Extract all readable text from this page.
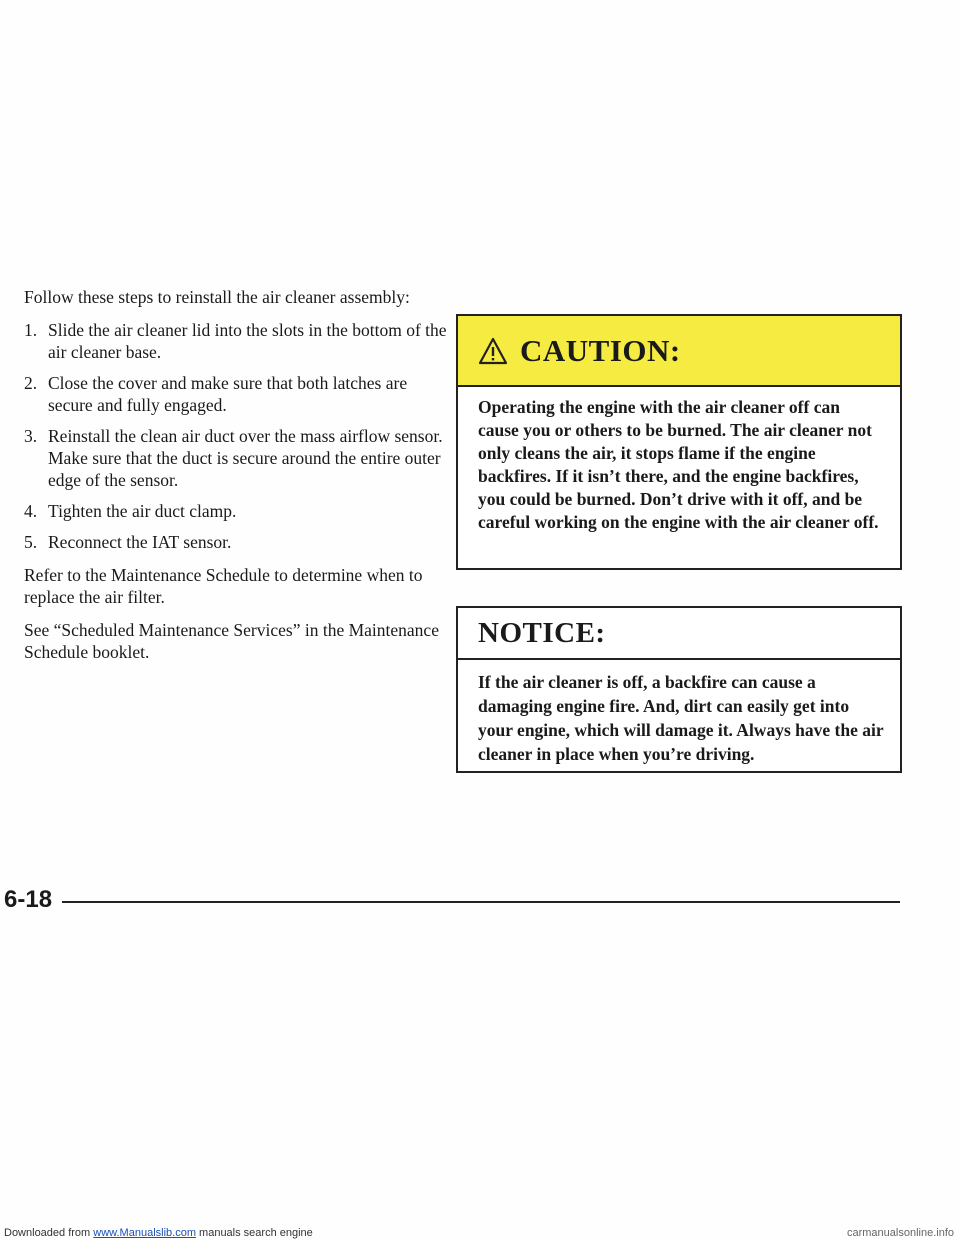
Follow these steps to reinstall the air cleaner assembly:

1. Slide the air cleaner lid into the slots in the bottom of the air cleaner base.
2. Close the cover and make sure that both latches are secure and fully engaged.
3. Reinstall the clean air duct over the mass airflow sensor. Make sure that the duct is secure around the entire outer edge of the sensor.
4. Tighten the air duct clamp.
5. Reconnect the IAT sensor.

Refer to the Maintenance Schedule to determine when to replace the air filter.

See “Scheduled Maintenance Services” in the Maintenance Schedule booklet.

CAUTION:
Operating the engine with the air cleaner off can cause you or others to be burned. The air cleaner not only cleans the air, it stops flame if the engine backfires. If it isn’t there, and the engine backfires, you could be burned. Don’t drive with it off, and be careful working on the engine with the air cleaner off.
NOTICE:
If the air cleaner is off, a backfire can cause a damaging engine fire. And, dirt can easily get into your engine, which will damage it. Always have the air cleaner in place when you’re driving.
6-18
Downloaded from www.Manualslib.com manuals search engine	carmanualsonline.info
